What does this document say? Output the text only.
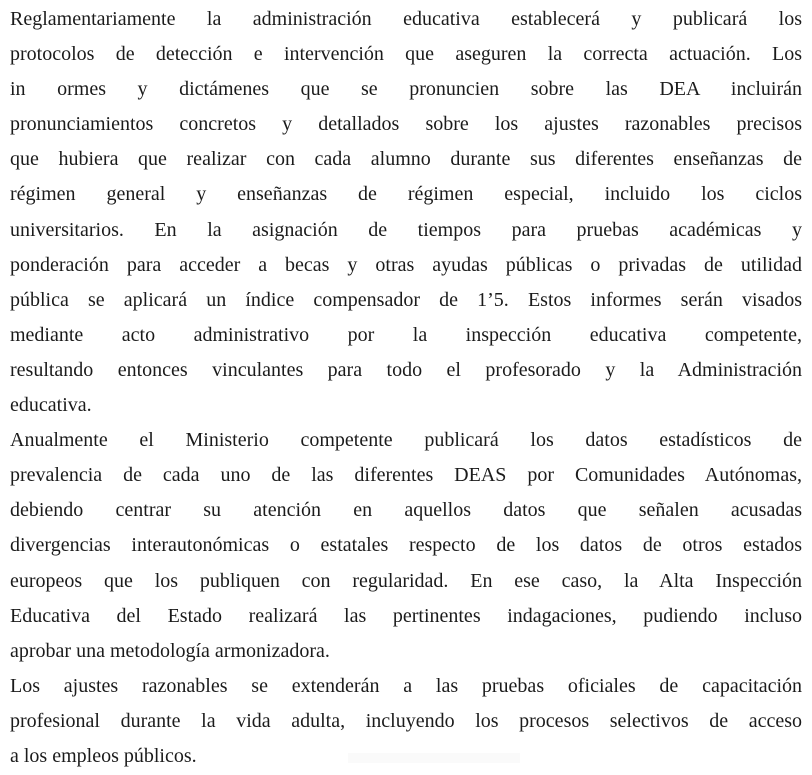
Reglamentariamente la administración educativa establecerá y publicará los
protocolos de detección e intervención que aseguren la correcta actuación. Los
in ormes y dictámenes que se pronuncien sobre las DEA incluirán
pronunciamientos concretos y detallados sobre los ajustes razonables precisos
que hubiera que realizar con cada alumno durante sus diferentes enseñanzas de
régimen general y enseñanzas de régimen especial, incluido los ciclos
universitarios. En la asignación de tiempos para pruebas académicas y
ponderación para acceder a becas y otras ayudas públicas o privadas de utilidad
pública se aplicará un índice compensador de 1’5. Estos informes serán visados
mediante acto administrativo por la inspección educativa competente,
resultando entonces vinculantes para todo el profesorado y la Administración
educativa.
Anualmente el Ministerio competente publicará los datos estadísticos de
prevalencia de cada uno de las diferentes DEAS por Comunidades Autónomas,
debiendo centrar su atención en aquellos datos que señalen acusadas
divergencias interautonómicas o estatales respecto de los datos de otros estados
europeos que los publiquen con regularidad. En ese caso, la Alta Inspección
Educativa del Estado realizará las pertinentes indagaciones, pudiendo incluso
aprobar una metodología armonizadora.
Los ajustes razonables se extenderán a las pruebas oficiales de capacitación
profesional durante la vida adulta, incluyendo los procesos selectivos de acceso
a los empleos públicos.
